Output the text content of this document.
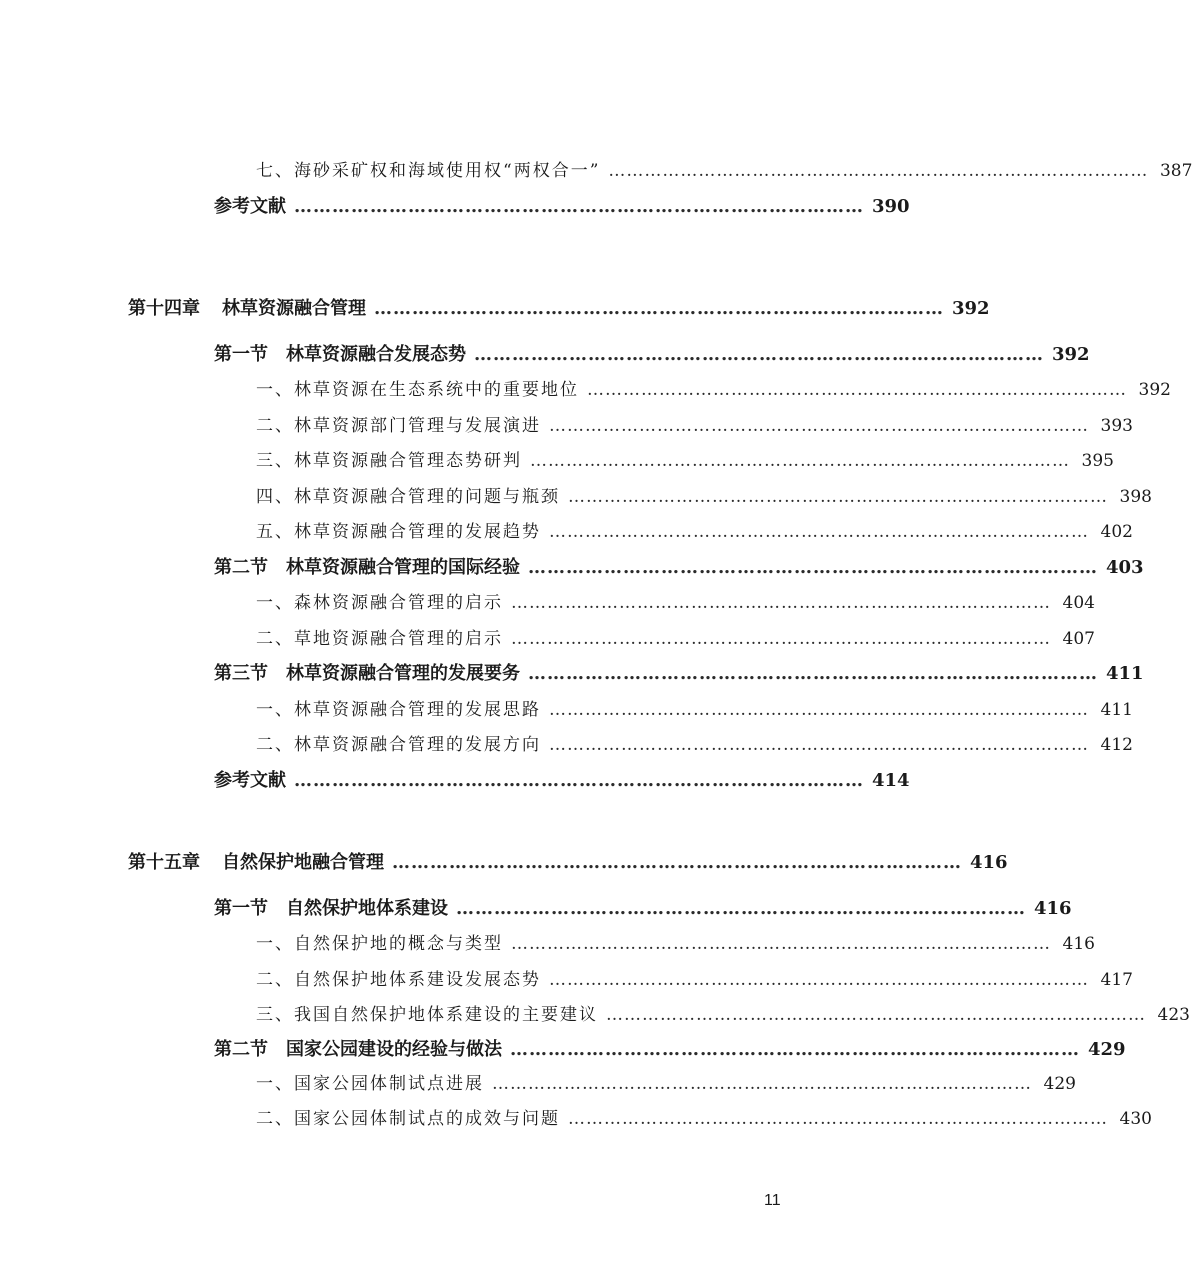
七、海砂采矿权和海域使用权“两权合一” ……………………………………………………………………………… 387
参考文献 ……………………………………………………………………………… 390
第十四章 林草资源融合管理 ……………………………………………………………………………… 392
第一节 林草资源融合发展态势 ……………………………………………………………………………… 392
一、林草资源在生态系统中的重要地位 ……………………………………………………………………………… 392
二、林草资源部门管理与发展演进 ……………………………………………………………………………… 393
三、林草资源融合管理态势研判 ……………………………………………………………………………… 395
四、林草资源融合管理的问题与瓶颈 ……………………………………………………………………………… 398
五、林草资源融合管理的发展趋势 ……………………………………………………………………………… 402
第二节 林草资源融合管理的国际经验 ……………………………………………………………………………… 403
一、森林资源融合管理的启示 ……………………………………………………………………………… 404
二、草地资源融合管理的启示 ……………………………………………………………………………… 407
第三节 林草资源融合管理的发展要务 ……………………………………………………………………………… 411
一、林草资源融合管理的发展思路 ……………………………………………………………………………… 411
二、林草资源融合管理的发展方向 ……………………………………………………………………………… 412
参考文献 ……………………………………………………………………………… 414
第十五章 自然保护地融合管理 ……………………………………………………………………………… 416
第一节 自然保护地体系建设 ……………………………………………………………………………… 416
一、自然保护地的概念与类型 ……………………………………………………………………………… 416
二、自然保护地体系建设发展态势 ……………………………………………………………………………… 417
三、我国自然保护地体系建设的主要建议 ……………………………………………………………………………… 423
第二节 国家公园建设的经验与做法 ……………………………………………………………………………… 429
一、国家公园体制试点进展 ……………………………………………………………………………… 429
二、国家公园体制试点的成效与问题 ……………………………………………………………………………… 430
11
